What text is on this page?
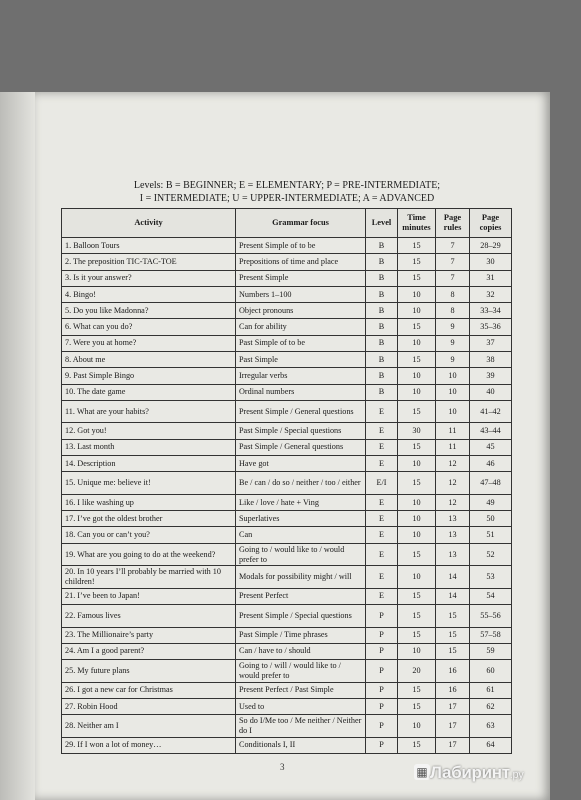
Levels: B = BEGINNER; E = ELEMENTARY; P = PRE-INTERMEDIATE;
I = INTERMEDIATE; U = UPPER-INTERMEDIATE; A = ADVANCED
Activity	Grammar focus	Level	Time minutes	Page rules	Page copies
1. Balloon Tours	Present Simple of to be	B	15	7	28–29
2. The preposition TIC-TAC-TOE	Prepositions of time and place	B	15	7	30
3. Is it your answer?	Present Simple	B	15	7	31
4. Bingo!	Numbers 1–100	B	10	8	32
5. Do you like Madonna?	Object pronouns	B	10	8	33–34
6. What can you do?	Can for ability	B	15	9	35–36
7. Were you at home?	Past Simple of to be	B	10	9	37
8. About me	Past Simple	B	15	9	38
9. Past Simple Bingo	Irregular verbs	B	10	10	39
10. The date game	Ordinal numbers	B	10	10	40
11. What are your habits?	Present Simple / General questions	E	15	10	41–42
12. Got you!	Past Simple / Special questions	E	30	11	43–44
13. Last month	Past Simple / General questions	E	15	11	45
14. Description	Have got	E	10	12	46
15. Unique me: believe it!	Be / can / do so / neither / too / either	E/I	15	12	47–48
16. I like washing up	Like / love / hate + Ving	E	10	12	49
17. I’ve got the oldest brother	Superlatives	E	10	13	50
18. Can you or can’t you?	Can	E	10	13	51
19. What are you going to do at the weekend?	Going to / would like to / would prefer to	E	15	13	52
20. In 10 years I’ll probably be married with 10 children!	Modals for possibility might / will	E	10	14	53
21. I’ve been to Japan!	Present Perfect	E	15	14	54
22. Famous lives	Present Simple / Special questions	P	15	15	55–56
23. The Millionaire’s party	Past Simple / Time phrases	P	15	15	57–58
24. Am I a good parent?	Can / have to / should	P	10	15	59
25. My future plans	Going to / will / would like to / would prefer to	P	20	16	60
26. I got a new car for Christmas	Present Perfect / Past Simple	P	15	16	61
27. Robin Hood	Used to	P	15	17	62
28. Neither am I	So do I/Me too / Me neither / Neither do I	P	10	17	63
29. If I won a lot of money…	Conditionals I, II	P	15	17	64
3	▦ Лабиринт.ру
